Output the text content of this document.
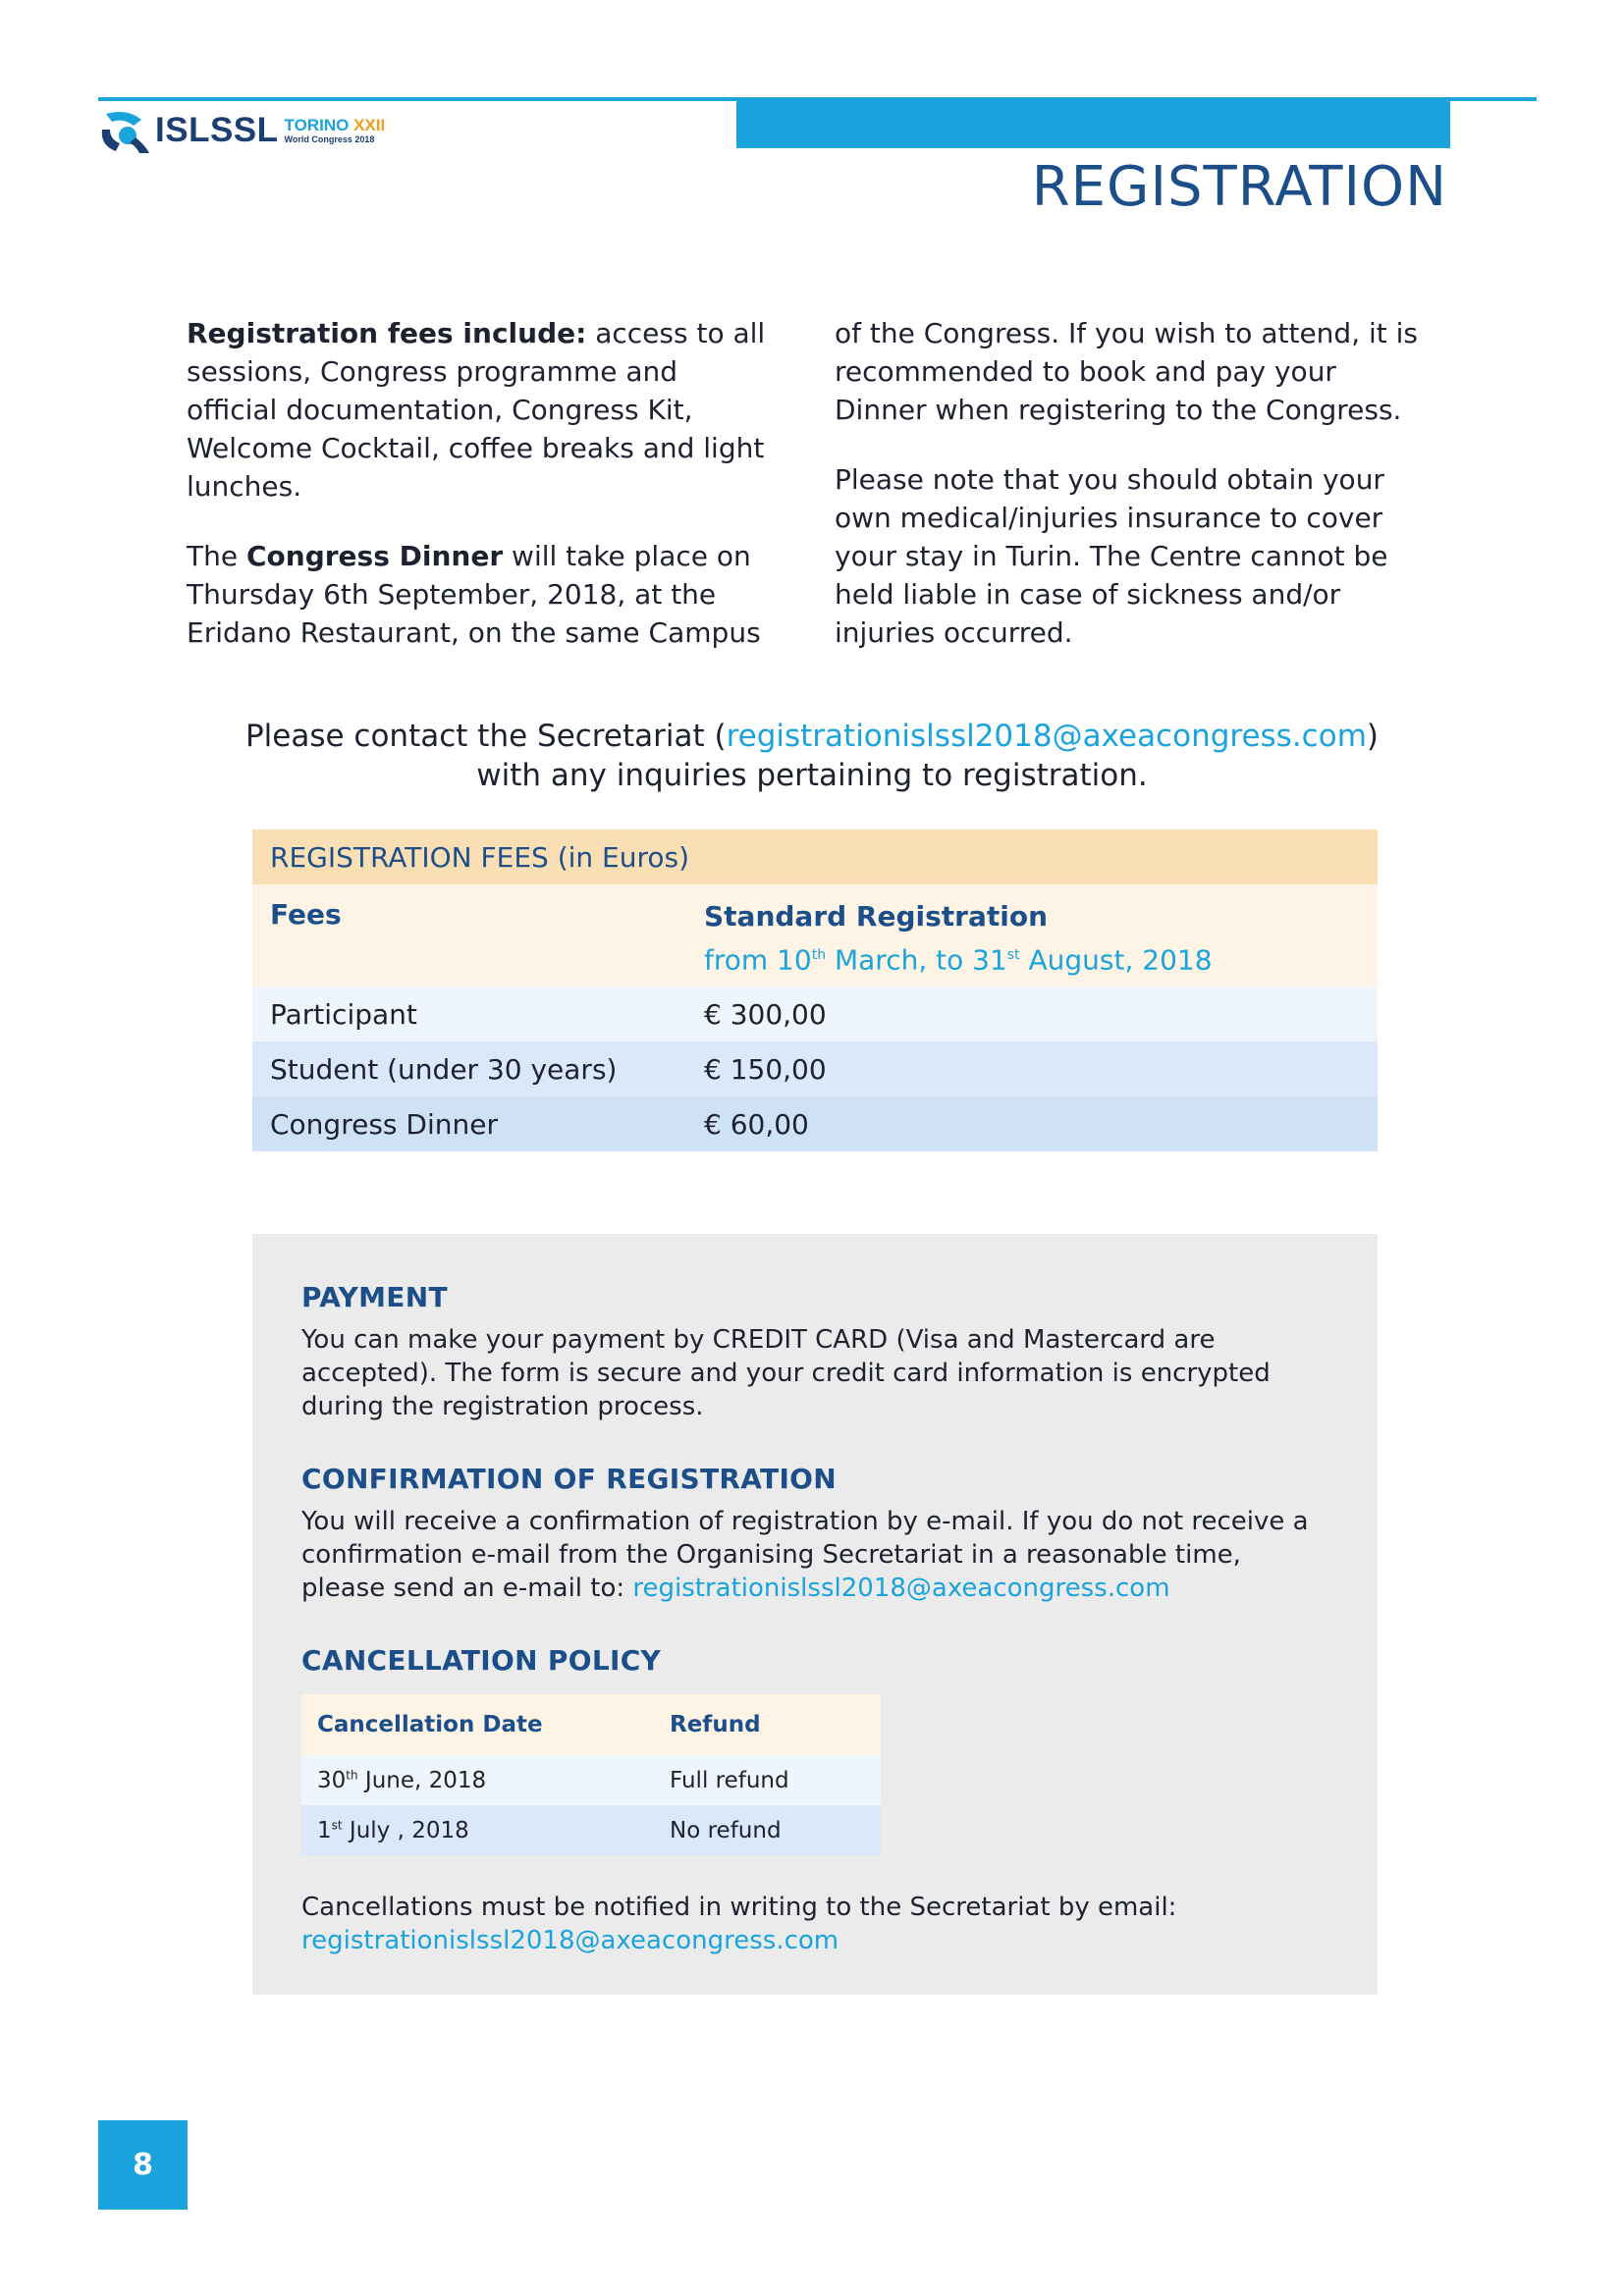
ISLSSL TORINO XXII
World Congress 2018
REGISTRATION

Registration fees include: access to all sessions, Congress programme and official documentation, Congress Kit, Welcome Cocktail, coffee breaks and light lunches.

The Congress Dinner will take place on Thursday 6th September, 2018, at the Eridano Restaurant, on the same Campus

of the Congress. If you wish to attend, it is recommended to book and pay your Dinner when registering to the Congress.

Please note that you should obtain your own medical/injuries insurance to cover your stay in Turin. The Centre cannot be held liable in case of sickness and/or injuries occurred.

Please contact the Secretariat (registrationislssl2018@axeacongress.com)
with any inquiries pertaining to registration.
REGISTRATION FEES (in Euros)
Fees	Standard Registration
from 10th March, to 31st August, 2018
Participant	€ 300,00
Student (under 30 years)	€ 150,00
Congress Dinner	€ 60,00
PAYMENT

You can make your payment by CREDIT CARD (Visa and Mastercard are accepted). The form is secure and your credit card information is encrypted during the registration process.

CONFIRMATION OF REGISTRATION

You will receive a confirmation of registration by e-mail. If you do not receive a confirmation e-mail from the Organising Secretariat in a reasonable time, please send an e-mail to: registrationislssl2018@axeacongress.com

CANCELLATION POLICY
Cancellation Date	Refund
30th June, 2018	Full refund
1st July , 2018	No refund

Cancellations must be notified in writing to the Secretariat by email:

registrationislssl2018@axeacongress.com

8
